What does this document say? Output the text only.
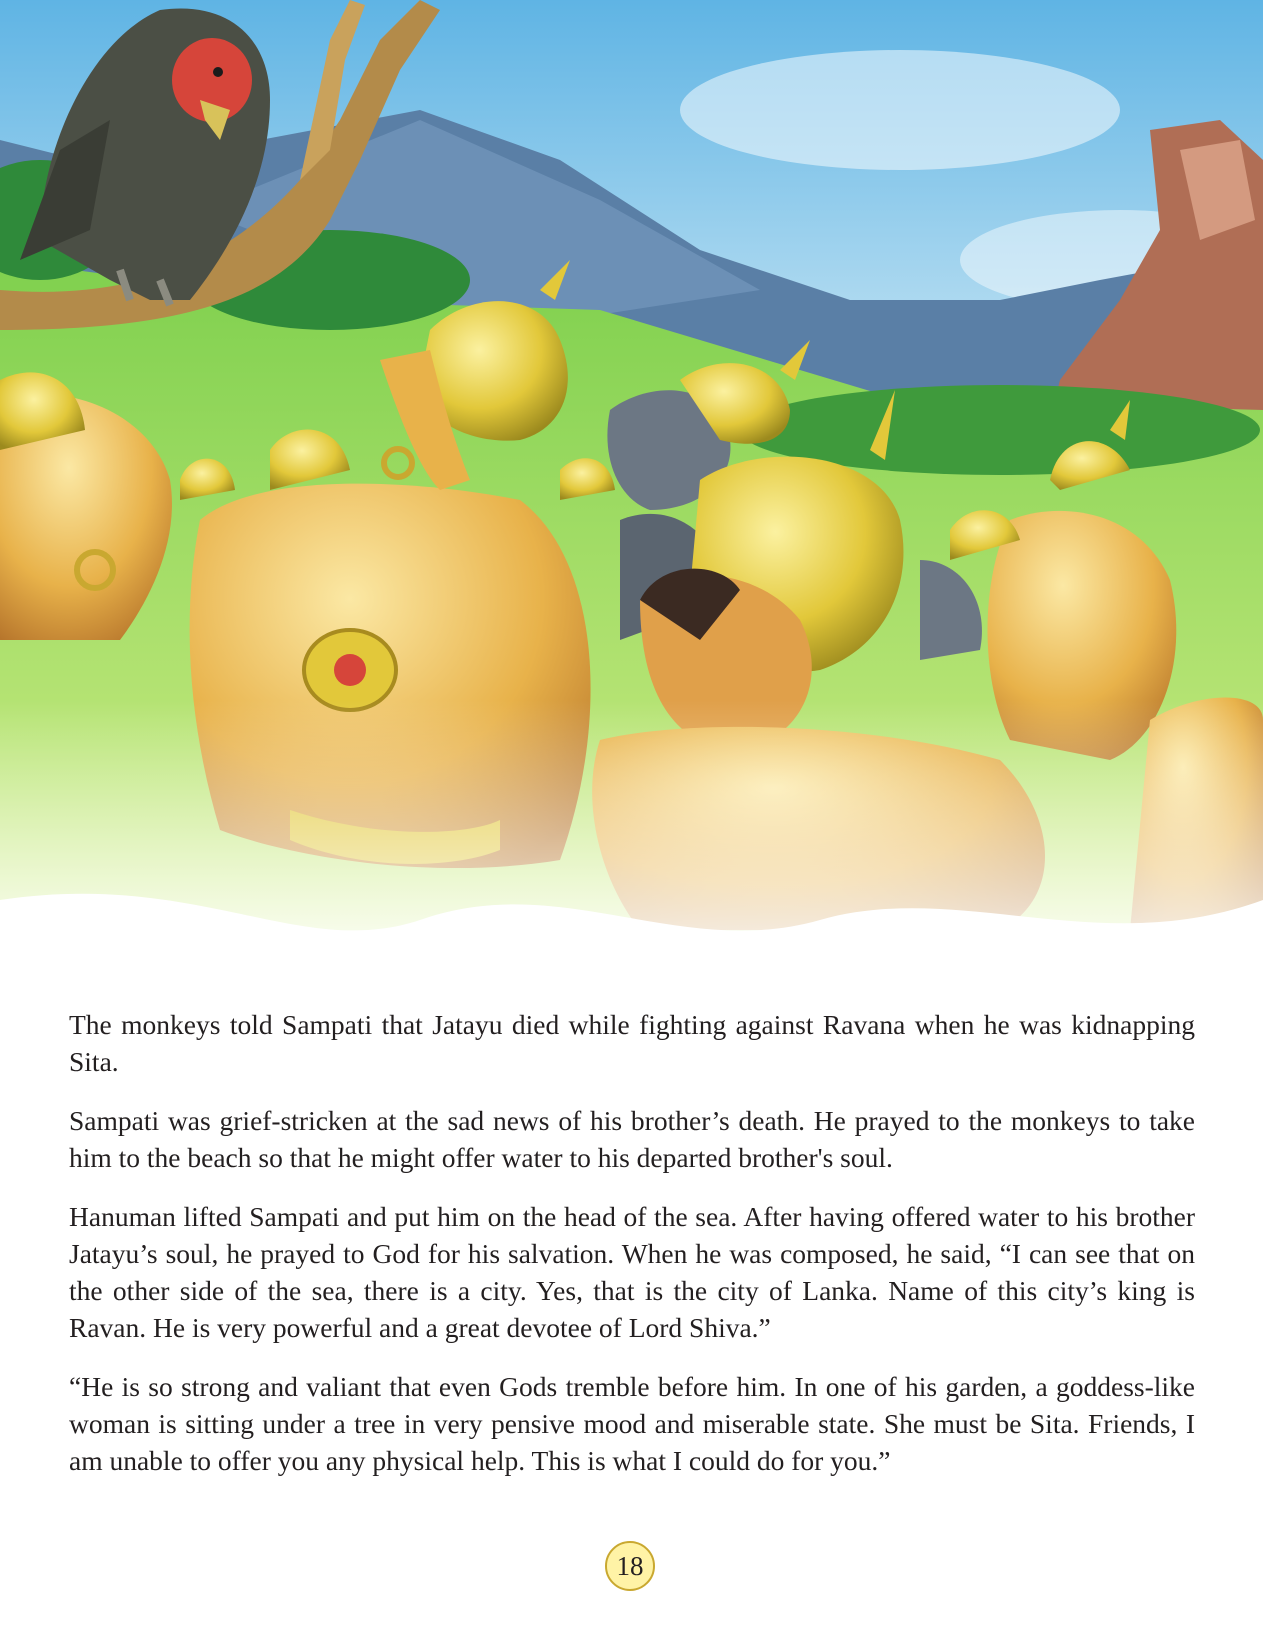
The monkeys told Sampati that Jatayu died while fighting against Ravana when he was kidnapping Sita.

Sampati was grief-stricken at the sad news of his brother’s death. He prayed to the monkeys to take him to the beach so that he might offer water to his departed brother's soul.

Hanuman lifted Sampati and put him on the head of the sea. After having offered water to his brother Jatayu’s soul, he prayed to God for his salvation. When he was composed, he said, “I can see that on the other side of the sea, there is a city. Yes, that is the city of Lanka. Name of this city’s king is Ravan. He is very powerful and a great devotee of Lord Shiva.”

“He is so strong and valiant that even Gods tremble before him. In one of his garden, a goddess-like woman is sitting under a tree in very pensive mood and miserable state. She must be Sita. Friends, I am unable to offer you any physical help. This is what I could do for you.”

18
